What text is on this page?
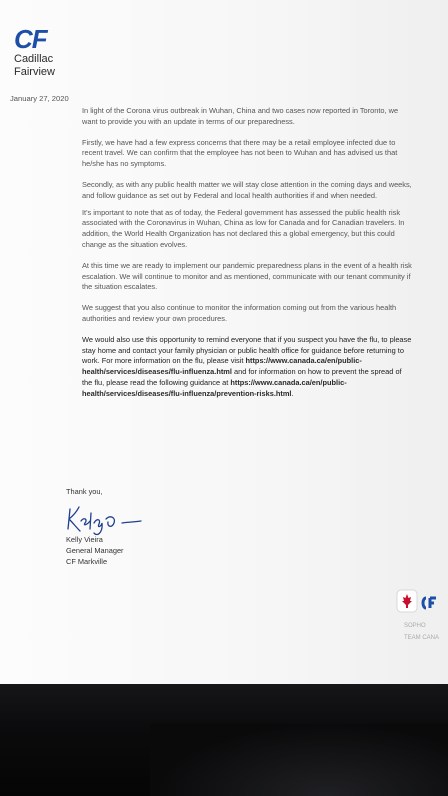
CF
Cadillac
Fairview
January 27, 2020

In light of the Corona virus outbreak in Wuhan, China and two cases now reported in Toronto, we want to provide you with an update in terms of our preparedness.

Firstly, we have had a few express concerns that there may be a retail employee infected due to recent travel. We can confirm that the employee has not been to Wuhan and has advised us that he/she has no symptoms.

Secondly, as with any public health matter we will stay close attention in the coming days and weeks, and follow guidance as set out by Federal and local health authorities if and when needed.

It's important to note that as of today, the Federal government has assessed the public health risk associated with the Coronavirus in Wuhan, China as low for Canada and for Canadian travelers. In addition, the World Health Organization has not declared this a global emergency, but this could change as the situation evolves.

At this time we are ready to implement our pandemic preparedness plans in the event of a health risk escalation. We will continue to monitor and as mentioned, communicate with our tenant community if the situation escalates.

We suggest that you also continue to monitor the information coming out from the various health authorities and review your own procedures.

We would also use this opportunity to remind everyone that if you suspect you have the flu, to please stay home and contact your family physician or public health office for guidance before returning to work. For more information on the flu, please visit https://www.canada.ca/en/public-health/services/diseases/flu-influenza.html and for information on how to prevent the spread of the flu, please read the following guidance at https://www.canada.ca/en/public-health/services/diseases/flu-influenza/prevention-risks.html.

Thank you,
Kelly Vieira
General Manager
CF Markville
SOPHO
TEAM CANA
